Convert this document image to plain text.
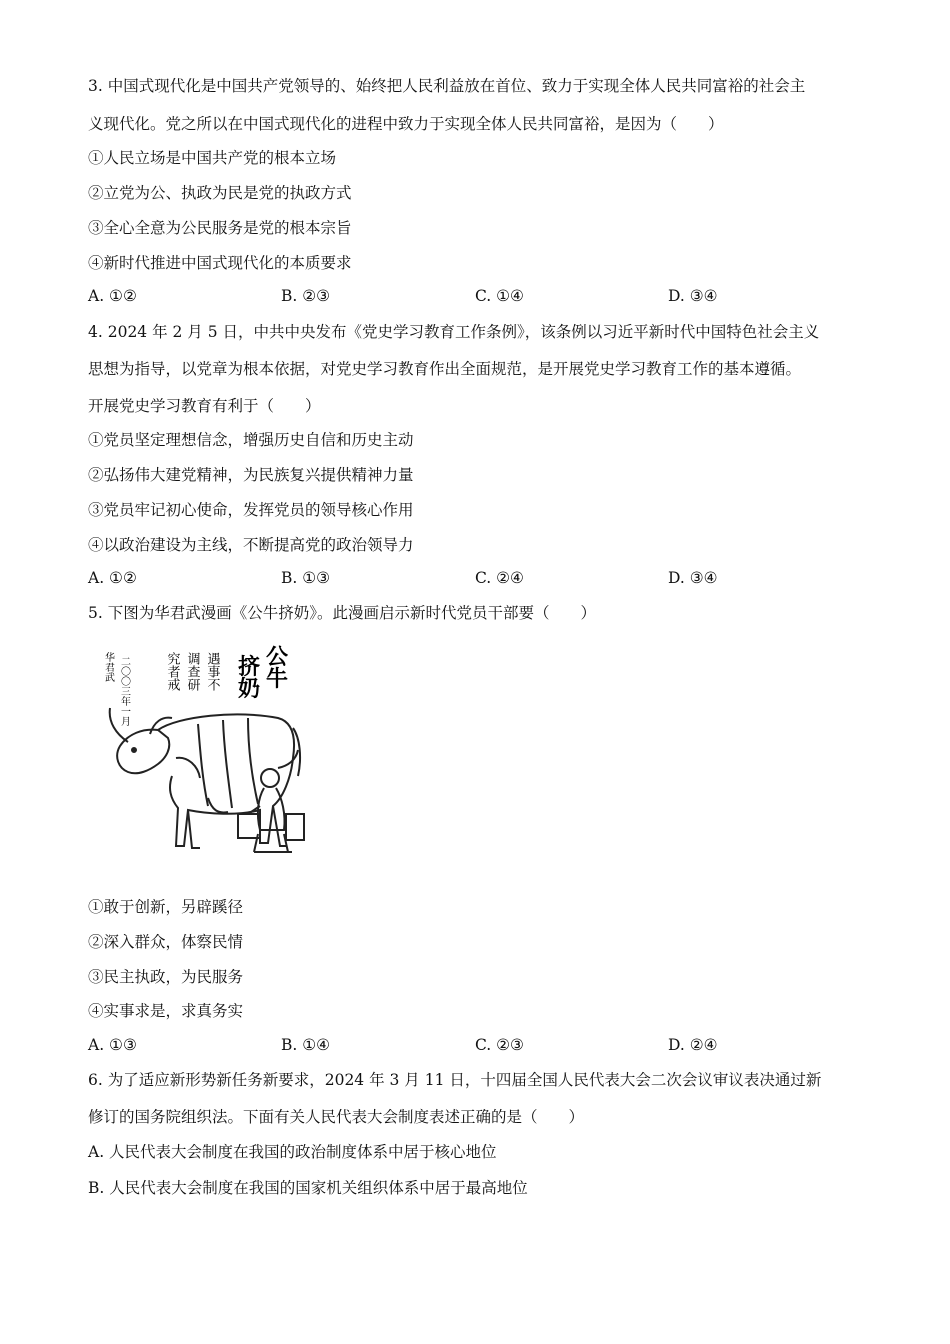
3. 中国式现代化是中国共产党领导的、始终把人民利益放在首位、致力于实现全体人民共同富裕的社会主
义现代化。党之所以在中国式现代化的进程中致力于实现全体人民共同富裕，是因为（　　）
①人民立场是中国共产党的根本立场
②立党为公、执政为民是党的执政方式
③全心全意为公民服务是党的根本宗旨
④新时代推进中国式现代化的本质要求
A. ①②	B. ②③	C. ①④	D. ③④
4. 2024 年 2 月 5 日，中共中央发布《党史学习教育工作条例》，该条例以习近平新时代中国特色社会主义
思想为指导，以党章为根本依据，对党史学习教育作出全面规范，是开展党史学习教育工作的基本遵循。
开展党史学习教育有利于（　　）
①党员坚定理想信念，增强历史自信和历史主动
②弘扬伟大建党精神，为民族复兴提供精神力量
③党员牢记初心使命，发挥党员的领导核心作用
④以政治建设为主线，不断提高党的政治领导力
A. ①②	B. ①③	C. ②④	D. ③④
5. 下图为华君武漫画《公牛挤奶》。此漫画启示新时代党员干部要（　　）
二〇〇三年一月
华君武	遇事不
调查研
究者戒	挤 公 奶 牛
①敢于创新，另辟蹊径
②深入群众，体察民情
③民主执政，为民服务
④实事求是，求真务实
A. ①③	B. ①④	C. ②③	D. ②④
6. 为了适应新形势新任务新要求，2024 年 3 月 11 日，十四届全国人民代表大会二次会议审议表决通过新
修订的国务院组织法。下面有关人民代表大会制度表述正确的是（　　）
A. 人民代表大会制度在我国的政治制度体系中居于核心地位
B. 人民代表大会制度在我国的国家机关组织体系中居于最高地位
